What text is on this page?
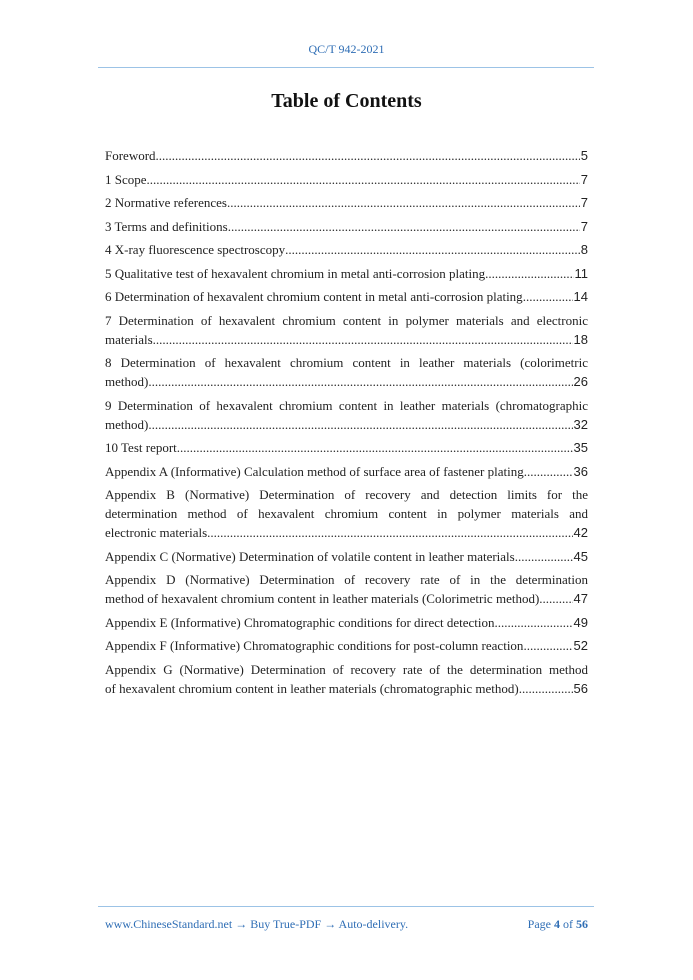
QC/T 942-2021
Table of Contents
Foreword .....	5
1 Scope .....	7
2 Normative references .....	7
3 Terms and definitions .....	7
4 X-ray fluorescence spectroscopy .....	8
5 Qualitative test of hexavalent chromium in metal anti-corrosion plating .....	11
6 Determination of hexavalent chromium content in metal anti-corrosion plating .....	14
7 Determination of hexavalent chromium content in polymer materials and electronic
materials .....	18
8 Determination of hexavalent chromium content in leather materials (colorimetric
method) .....	26
9 Determination of hexavalent chromium content in leather materials (chromatographic
method) .....	32
10 Test report .....	35
Appendix A (Informative) Calculation method of surface area of fastener plating .....	36
Appendix B (Normative) Determination of recovery and detection limits for the
determination method of hexavalent chromium content in polymer materials and
electronic materials .....	42
Appendix C (Normative) Determination of volatile content in leather materials .....	45
Appendix D (Normative) Determination of recovery rate of in the determination
method of hexavalent chromium content in leather materials (Colorimetric method) .....	47
Appendix E (Informative) Chromatographic conditions for direct detection .....	49
Appendix F (Informative) Chromatographic conditions for post-column reaction .....	52
Appendix G (Normative) Determination of recovery rate of the determination method
of hexavalent chromium content in leather materials (chromatographic method) .....	56
www.ChineseStandard.net → Buy True-PDF → Auto-delivery.	Page 4 of 56
